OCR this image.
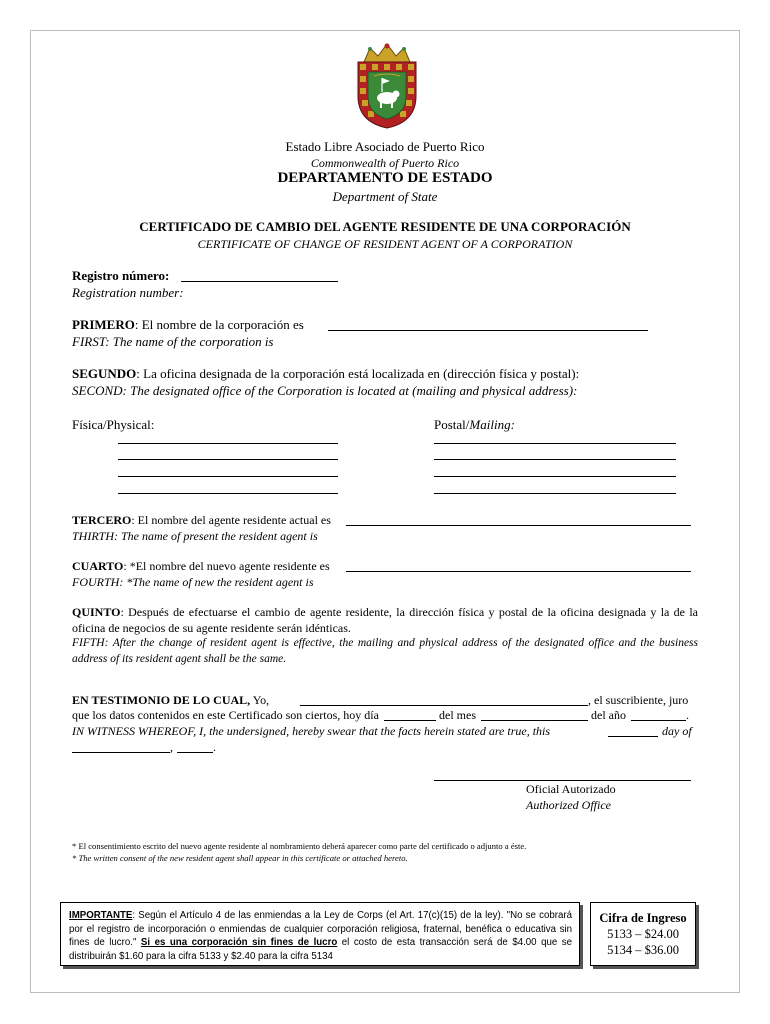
Estado Libre Asociado de Puerto Rico
Commonwealth of Puerto Rico
DEPARTAMENTO DE ESTADO
Department of State
CERTIFICADO DE CAMBIO DEL AGENTE RESIDENTE DE UNA CORPORACIÓN
CERTIFICATE OF CHANGE OF RESIDENT AGENT OF A CORPORATION
Registro número:
Registration number:
PRIMERO: El nombre de la corporación es
FIRST: The name of the corporation is
SEGUNDO: La oficina designada de la corporación está localizada en (dirección física y postal):
SECOND: The designated office of the Corporation is located at (mailing and physical address):
Física/Physical:	Postal/Mailing:
TERCERO: El nombre del agente residente actual es
THIRTH: The name of present the resident agent is
CUARTO: *El nombre del nuevo agente residente es
FOURTH: *The name of new the resident agent is
QUINTO: Después de efectuarse el cambio de agente residente, la dirección física y postal de la oficina designada y la de la oficina de negocios de su agente residente serán idénticas.
FIFTH: After the change of resident agent is effective, the mailing and physical address of the designated office and the business address of its resident agent shall be the same.
EN TESTIMONIO DE LO CUAL, Yo,	, el suscribiente, juro
que los datos contenidos en este Certificado son ciertos, hoy día	del mes	del año	.
IN WITNESS WHEREOF, I, the undersigned, hereby swear that the facts herein stated are true, this	day of
,	.
Oficial Autorizado
Authorized Office
* El consentimiento escrito del nuevo agente residente al nombramiento deberá aparecer como parte del certificado o adjunto a éste.
* The written consent of the new resident agent shall appear in this certificate or attached hereto.
IMPORTANTE: Según el Artículo 4 de las enmiendas a la Ley de Corps (el Art. 17(c)(15) de la ley). "No se cobrará por el registro de incorporación o enmiendas de cualquier corporación religiosa, fraternal, benéfica o educativa sin fines de lucro." Si es una corporación sin fines de lucro el costo de esta transacción será de $4.00 que se distribuirán $1.60 para la cifra 5133 y $2.40 para la cifra 5134
Cifra de Ingreso
5133 – $24.00
5134 – $36.00
